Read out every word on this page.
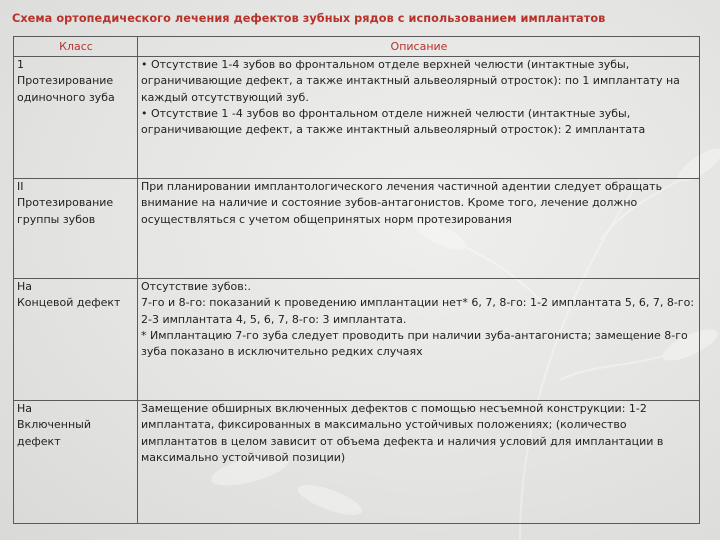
Схема ортопедического лечения дефектов зубных рядов с использованием имплантатов
Класс	Описание

1
Протезирование одиночного зуба	• Отсутствие 1-4 зубов во фронтальном отделе верхней челюсти (интактные зубы, ограничивающие дефект, а также интактный альвеолярный отросток): по 1 имплантату на каждый отсутствующий зуб.
• Отсутствие 1 -4 зубов во фронтальном отделе нижней челюсти (интактные зубы, ограничивающие дефект, а также интактный альвеолярный отросток): 2 имплантата

II
Протезирование группы зубов	При планировании имплантологического лечения частичной адентии следует обращать внимание на наличие и состояние зубов-антагонистов. Кроме того, лечение должно осуществляться с учетом общепринятых норм протезирования

На
Концевой дефект	Отсутствие зубов:.
7-го и 8-го: показаний к проведению имплантации нет* 6, 7, 8-го: 1-2 имплантата 5, 6, 7, 8-го: 2-3 имплантата 4, 5, 6, 7, 8-го: 3 имплантата.
* Имплантацию 7-го зуба следует проводить при наличии зуба-антагониста; замещение 8-го зуба показано в исключительно редких случаях

На
Включенный дефект	Замещение обширных включенных дефектов с помощью несъемной конструкции: 1-2 имплантата, фиксированных в максимально устойчивых положениях; (количество имплантатов в целом зависит от объема дефекта и наличия условий для имплантации в максимально устойчивой позиции)
